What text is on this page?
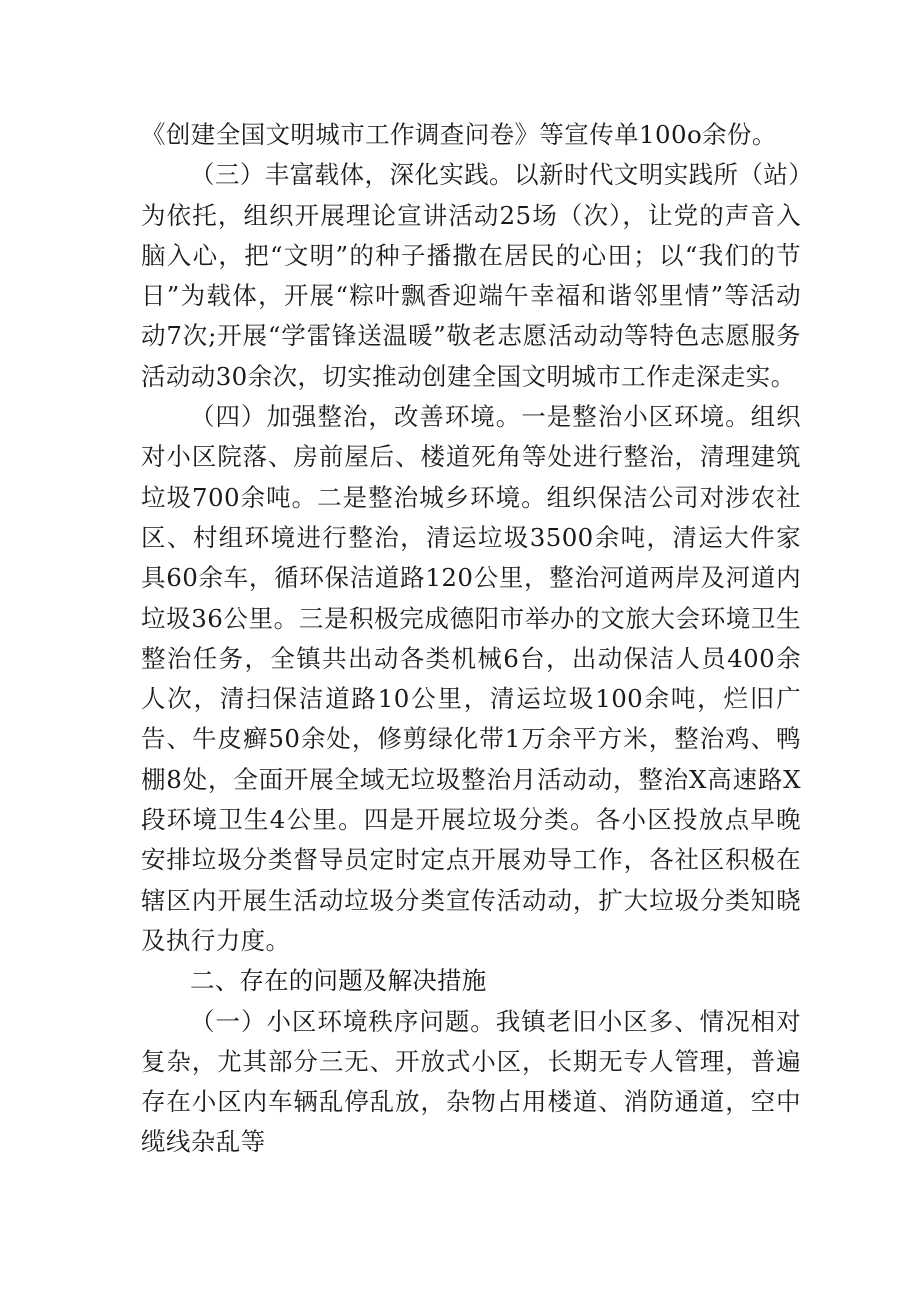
《创建全国文明城市工作调查问卷》等宣传单100o余份。

（三）丰富载体，深化实践。以新时代文明实践所（站）为依托，组织开展理论宣讲活动25场（次），让党的声音入脑入心，把“文明”的种子播撒在居民的心田；以“我们的节日”为载体，开展“粽叶飘香迎端午幸福和谐邻里情”等活动动7次;开展“学雷锋送温暖”敬老志愿活动动等特色志愿服务活动动30余次，切实推动创建全国文明城市工作走深走实。

（四）加强整治，改善环境。一是整治小区环境。组织对小区院落、房前屋后、楼道死角等处进行整治，清理建筑垃圾700余吨。二是整治城乡环境。组织保洁公司对涉农社区、村组环境进行整治，清运垃圾3500余吨，清运大件家具60余车，循环保洁道路120公里，整治河道两岸及河道内垃圾36公里。三是积极完成德阳市举办的文旅大会环境卫生整治任务，全镇共出动各类机械6台，出动保洁人员400余人次，清扫保洁道路10公里，清运垃圾100余吨，烂旧广告、牛皮癣50余处，修剪绿化带1万余平方米，整治鸡、鸭棚8处，全面开展全域无垃圾整治月活动动，整治X高速路X段环境卫生4公里。四是开展垃圾分类。各小区投放点早晚安排垃圾分类督导员定时定点开展劝导工作，各社区积极在辖区内开展生活动垃圾分类宣传活动动，扩大垃圾分类知晓及执行力度。

二、存在的问题及解决措施

（一）小区环境秩序问题。我镇老旧小区多、情况相对复杂，尤其部分三无、开放式小区，长期无专人管理，普遍存在小区内车辆乱停乱放，杂物占用楼道、消防通道，空中缆线杂乱等
